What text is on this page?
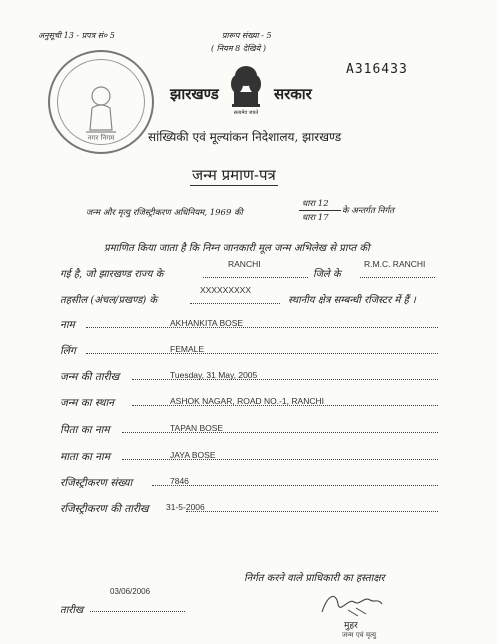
अनुसूची 13 - प्रपत्र सं० 5	प्रारूप संख्या - 5
( नियम 8 देखिये )
A316433
नगर निगम
झारखण्ड
सत्यमेव जयते
सरकार
सांख्यिकी एवं मूल्यांकन निदेशालय, झारखण्ड
जन्म प्रमाण-पत्र
जन्म और मृत्यु रजिस्ट्रीकरण अधिनियम, 1969 की
धारा 12
धारा 17
के अन्तर्गत निर्गत
प्रमाणित किया जाता है कि निम्न जानकारी मूल जन्म अभिलेख से प्राप्त की
गई है, जो झारखण्ड राज्य के
RANCHI
जिले के
R.M.C. RANCHI
तहसील (अंचल/प्रखण्ड) के
XXXXXXXXX
स्थानीय क्षेत्र सम्बन्धी रजिस्टर में हैं ।
नाम	AKHANKITA BOSE
लिंग	FEMALE
जन्म की तारीख	Tuesday, 31 May, 2005
जन्म का स्थान	ASHOK NAGAR, ROAD NO.-1, RANCHI
पिता का नाम	TAPAN BOSE
माता का नाम	JAYA BOSE
रजिस्ट्रीकरण संख्या	7846
रजिस्ट्रीकरण की तारीख 31-5-2006
निर्गत करने वाले प्राधिकारी का हस्ताक्षर
03/06/2006
तारीख
मुहर
जन्म एवं मृत्यु
